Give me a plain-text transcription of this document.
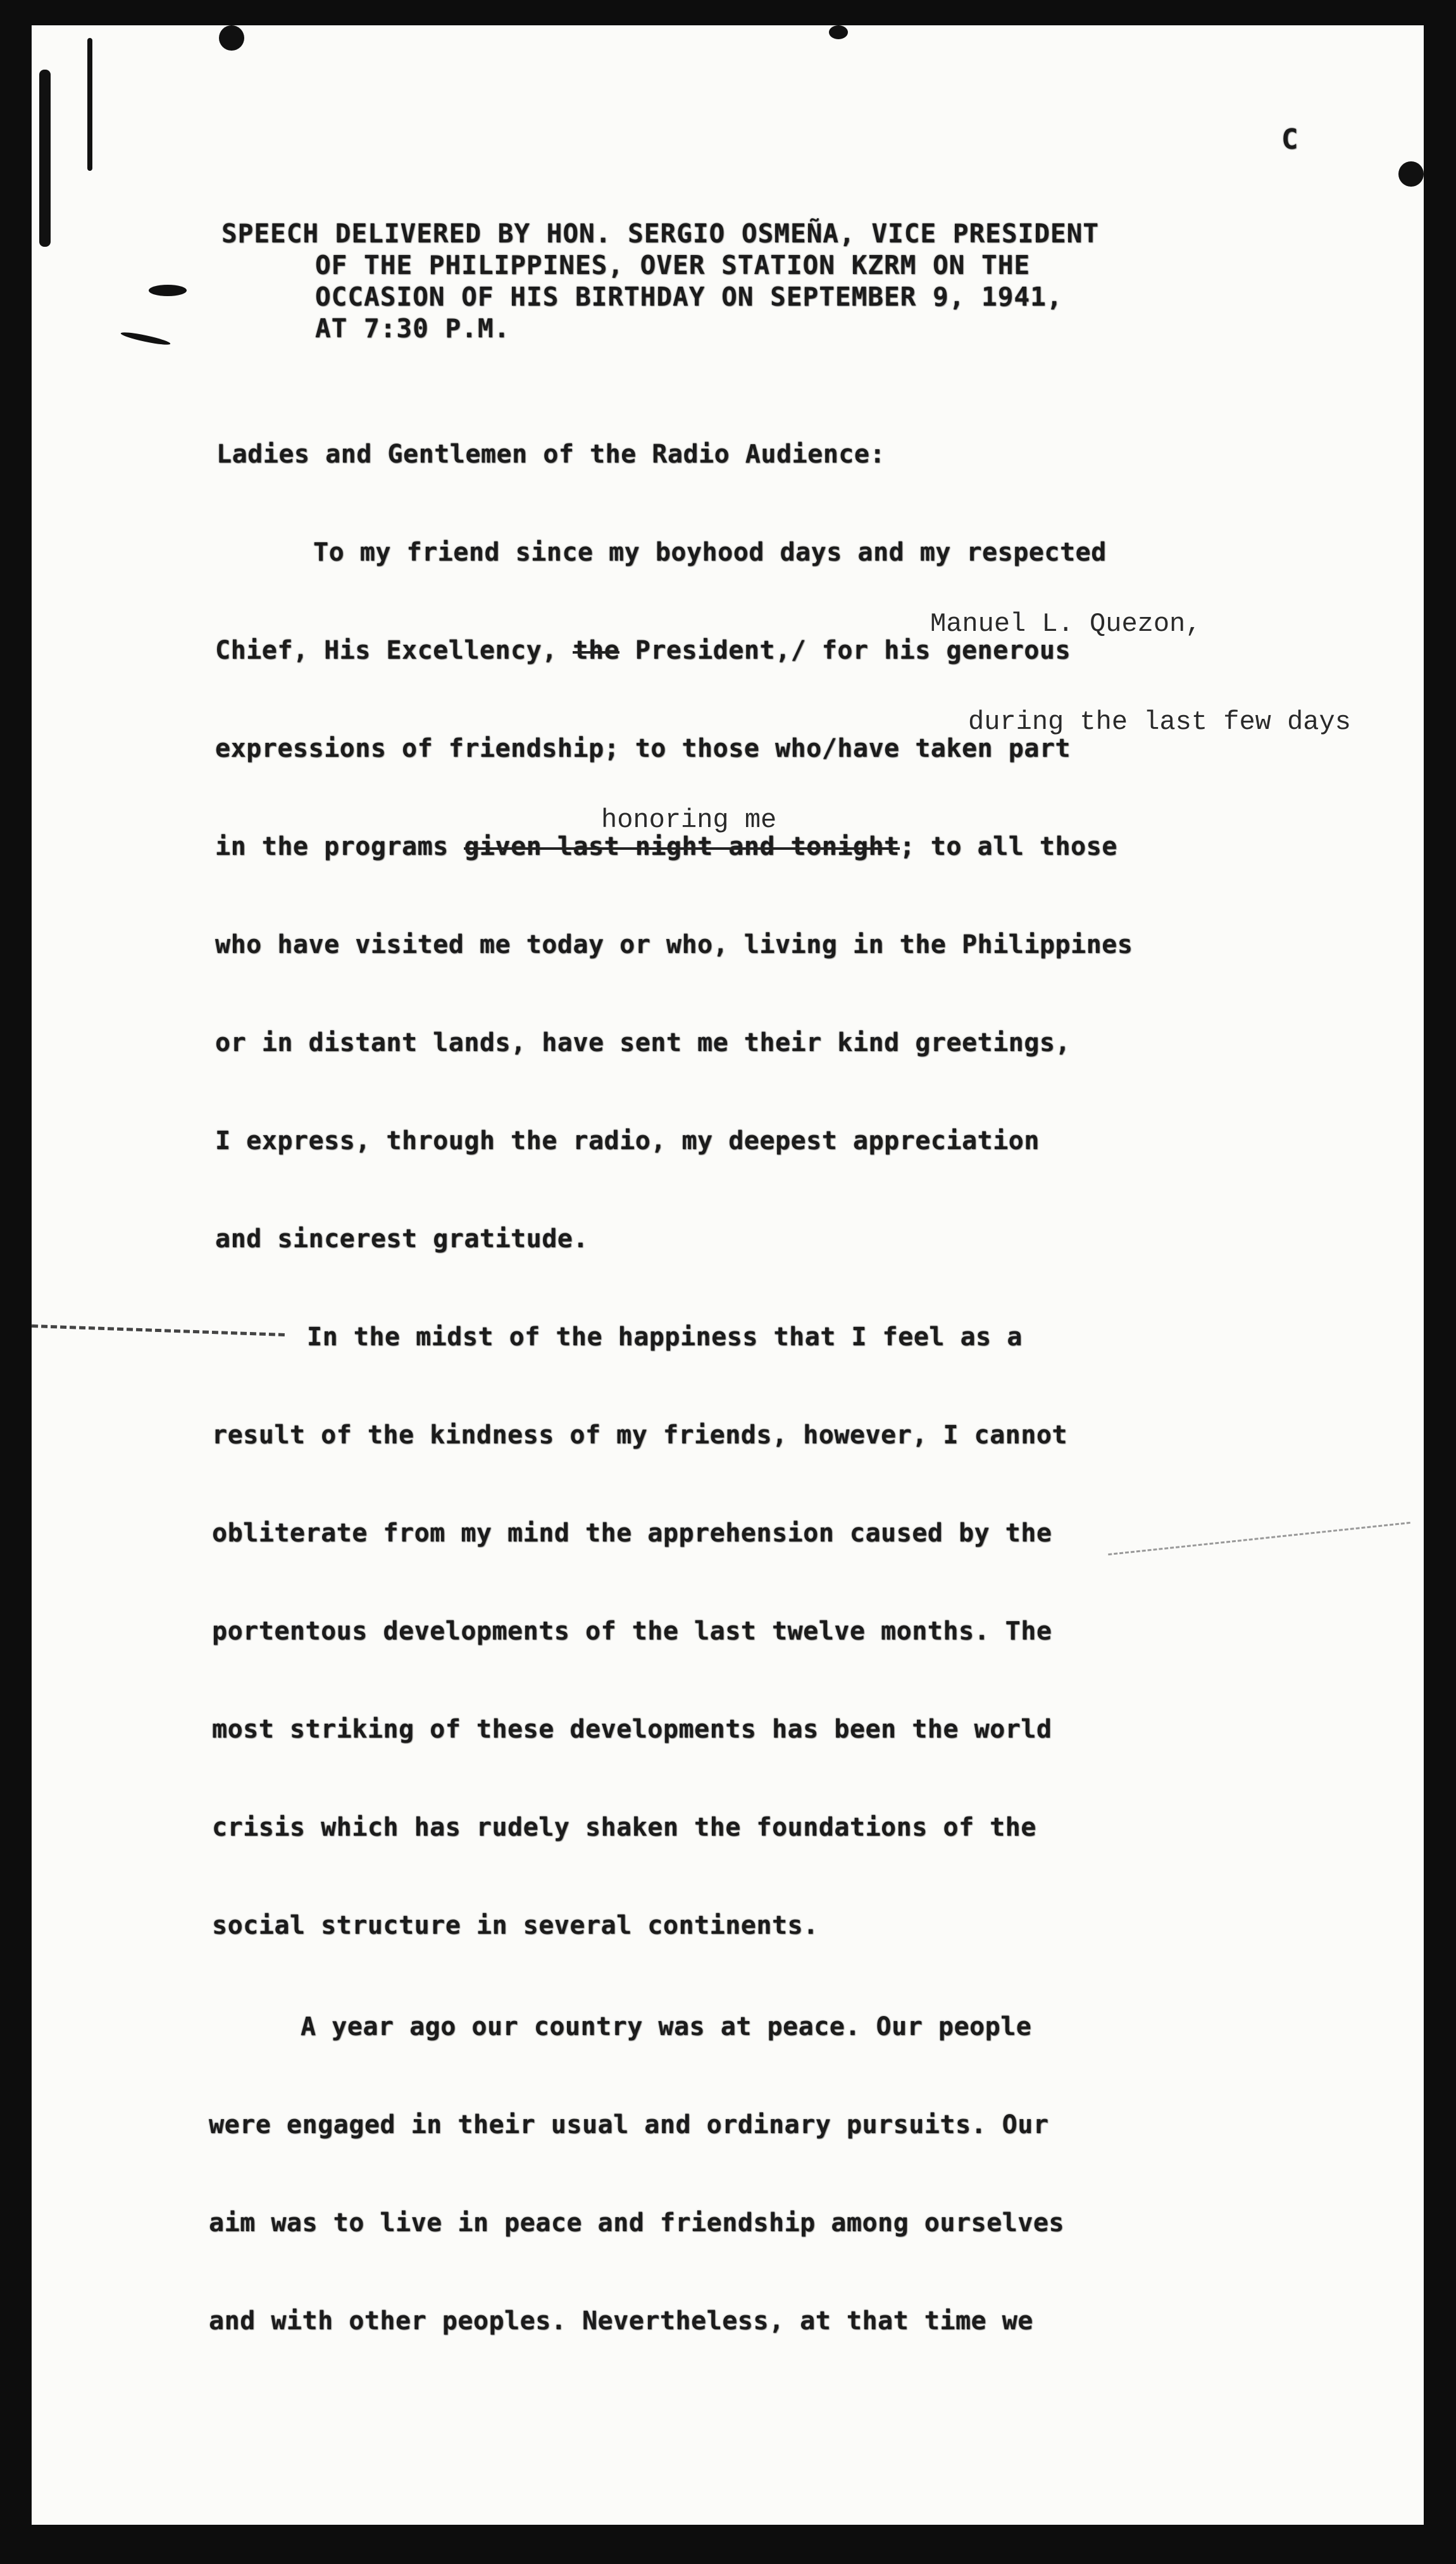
C
SPEECH DELIVERED BY HON. SERGIO OSMEÑA, VICE PRESIDENT
OF THE PHILIPPINES, OVER STATION KZRM ON THE
OCCASION OF HIS BIRTHDAY ON SEPTEMBER 9, 1941,
AT 7:30 P.M.
Ladies and Gentlemen of the Radio Audience:
Manuel L. Quezon,
during the last few days
honoring me
To my friend since my boyhood days and my respected
Chief, His Excellency, the President,/ for his generous
expressions of friendship; to those who/have taken part
in the programs given last night and tonight; to all those
who have visited me today or who, living in the Philippines
or in distant lands, have sent me their kind greetings,
I express, through the radio, my deepest appreciation
and sincerest gratitude.
In the midst of the happiness that I feel as a
result of the kindness of my friends, however, I cannot
obliterate from my mind the apprehension caused by the
portentous developments of the last twelve months. The
most striking of these developments has been the world
crisis which has rudely shaken the foundations of the
social structure in several continents.
A year ago our country was at peace. Our people
were engaged in their usual and ordinary pursuits. Our
aim was to live in peace and friendship among ourselves
and with other peoples. Nevertheless, at that time we
